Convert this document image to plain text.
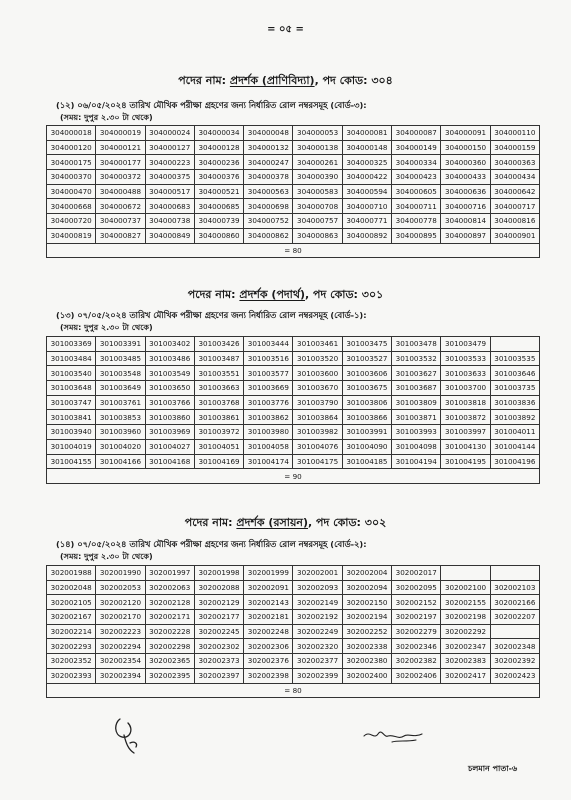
= ০৫ =
পদের নাম: প্রদর্শক (প্রাণিবিদ্যা), পদ কোড: ৩০৪
(১২) ০৬/০৫/২০২৪ তারিখ মৌখিক পরীক্ষা গ্রহণের জন্য নির্ধারিত রোল নম্বরসমূহ (বোর্ড-৩):
(সময়: দুপুর ২.৩০ টা থেকে)
304000018	304000019	304000024	304000034	304000048	304000053	304000081	304000087	304000091	304000110
304000120	304000121	304000127	304000128	304000132	304000138	304000148	304000149	304000150	304000159
304000175	304000177	304000223	304000236	304000247	304000261	304000325	304000334	304000360	304000363
304000370	304000372	304000375	304000376	304000378	304000390	304000422	304000423	304000433	304000434
304000470	304000488	304000517	304000521	304000563	304000583	304000594	304000605	304000636	304000642
304000668	304000672	304000683	304000685	304000698	304000708	304000710	304000711	304000716	304000717
304000720	304000737	304000738	304000739	304000752	304000757	304000771	304000778	304000814	304000816
304000819	304000827	304000849	304000860	304000862	304000863	304000892	304000895	304000897	304000901
= 80									
পদের নাম: প্রদর্শক (পদার্থ), পদ কোড: ৩০১
(১৩) ০৭/০৫/২০২৪ তারিখ মৌখিক পরীক্ষা গ্রহণের জন্য নির্ধারিত রোল নম্বরসমূহ (বোর্ড-১):
(সময়: দুপুর ২.৩০ টা থেকে)
301003369	301003391	301003402	301003426	301003444	301003461	301003475	301003478	301003479	
301003484	301003485	301003486	301003487	301003516	301003520	301003527	301003532	301003533	301003535
301003540	301003548	301003549	301003551	301003577	301003600	301003606	301003627	301003633	301003646
301003648	301003649	301003650	301003663	301003669	301003670	301003675	301003687	301003700	301003735
301003747	301003761	301003766	301003768	301003776	301003790	301003806	301003809	301003818	301003836
301003841	301003853	301003860	301003861	301003862	301003864	301003866	301003871	301003872	301003892
301003940	301003960	301003969	301003972	301003980	301003982	301003991	301003993	301003997	301004011
301004019	301004020	301004027	301004051	301004058	301004076	301004090	301004098	301004130	301004144
301004155	301004166	301004168	301004169	301004174	301004175	301004185	301004194	301004195	301004196
= 90									
পদের নাম: প্রদর্শক (রসায়ন), পদ কোড: ৩০২
(১৪) ০৭/০৫/২০২৪ তারিখ মৌখিক পরীক্ষা গ্রহণের জন্য নির্ধারিত রোল নম্বরসমূহ (বোর্ড-২):
(সময়: দুপুর ২.৩০ টা থেকে)
302001988	302001990	302001997	302001998	302001999	302002001	302002004	302002017		
302002048	302002053	302002063	302002088	302002091	302002093	302002094	302002095	302002100	302002103
302002105	302002120	302002128	302002129	302002143	302002149	302002150	302002152	302002155	302002166
302002167	302002170	302002171	302002177	302002181	302002192	302002194	302002197	302002198	302002207
302002214	302002223	302002228	302002245	302002248	302002249	302002252	302002279	302002292	
302002293	302002294	302002298	302002302	302002306	302002320	302002338	302002346	302002347	302002348
302002352	302002354	302002365	302002373	302002376	302002377	302002380	302002382	302002383	302002392
302002393	302002394	302002395	302002397	302002398	302002399	302002400	302002406	302002417	302002423
= 80									
চলমান পাতা-৬
